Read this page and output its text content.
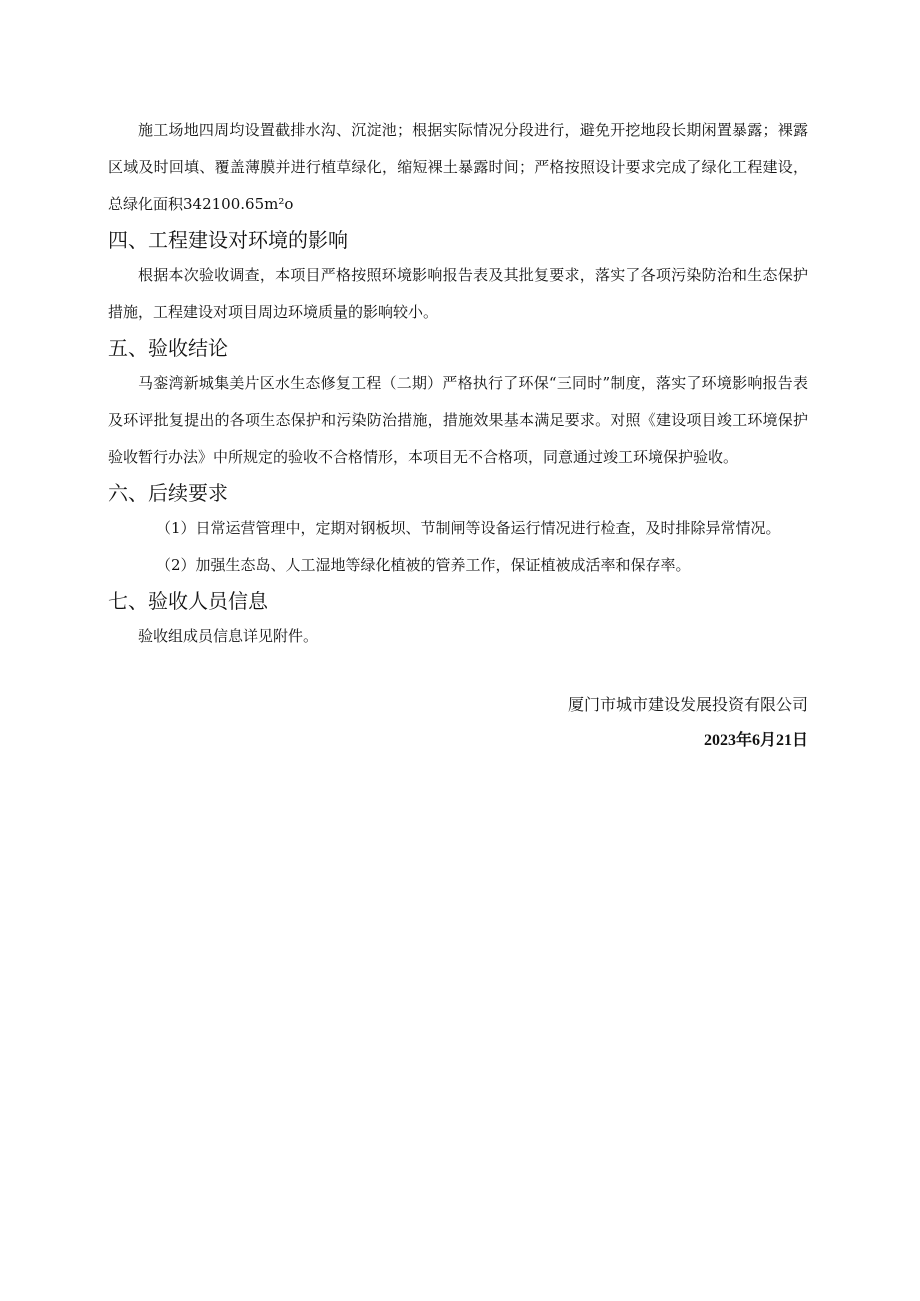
施工场地四周均设置截排水沟、沉淀池；根据实际情况分段进行，避免开挖地段长期闲置暴露；裸露区域及时回填、覆盖薄膜并进行植草绿化，缩短裸土暴露时间；严格按照设计要求完成了绿化工程建设，总绿化面积342100.65m²o

四、工程建设对环境的影响

根据本次验收调查，本项目严格按照环境影响报告表及其批复要求，落实了各项污染防治和生态保护措施，工程建设对项目周边环境质量的影响较小。

五、验收结论

马銮湾新城集美片区水生态修复工程（二期）严格执行了环保“三同时”制度，落实了环境影响报告表及环评批复提出的各项生态保护和污染防治措施，措施效果基本满足要求。对照《建设项目竣工环境保护验收暂行办法》中所规定的验收不合格情形，本项目无不合格项，同意通过竣工环境保护验收。

六、后续要求

（1）日常运营管理中，定期对钢板坝、节制闸等设备运行情况进行检查，及时排除异常情况。

（2）加强生态岛、人工湿地等绿化植被的管养工作，保证植被成活率和保存率。

七、验收人员信息

验收组成员信息详见附件。

厦门市城市建设发展投资有限公司
2023年6月21日
